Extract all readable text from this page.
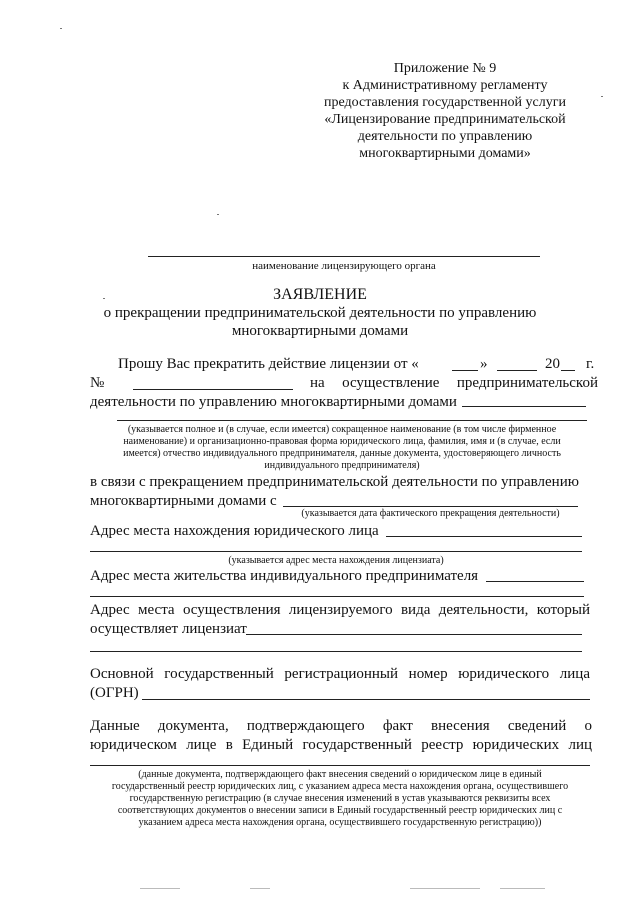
Приложение № 9
к Административному регламенту
предоставления государственной услуги
«Лицензирование предпринимательской
деятельности по управлению
многоквартирными домами»
наименование лицензирующего органа
ЗАЯВЛЕНИЕ
о прекращении предпринимательской деятельности по управлению
многоквартирными домами
Прошу Вас прекратить действие лицензии от «	»	20 г.
№	на осуществление предпринимательской
деятельности по управлению многоквартирными домами
(указывается полное и (в случае, если имеется) сокращенное наименование (в том числе фирменное
наименование) и организационно-правовая форма юридического лица, фамилия, имя и (в случае, если
имеется) отчество индивидуального предпринимателя, данные документа, удостоверяющего личность
индивидуального предпринимателя)
в связи с прекращением предпринимательской деятельности по управлению
многоквартирными домами с
(указывается дата фактического прекращения деятельности)
Адрес места нахождения юридического лица
(указывается адрес места нахождения лицензиата)
Адрес места жительства индивидуального предпринимателя
Адрес места осуществления лицензируемого вида деятельности, который
осуществляет лицензиат
Основной государственный регистрационный номер юридического лица
(ОГРН)
Данные документа, подтверждающего факт внесения сведений о
юридическом лице в Единый государственный реестр юридических лиц
(данные документа, подтверждающего факт внесения сведений о юридическом лице в единый
государственный реестр юридических лиц, с указанием адреса места нахождения органа, осуществившего
государственную регистрацию (в случае внесения изменений в устав указываются реквизиты всех
соответствующих документов о внесении записи в Единый государственный реестр юридических лиц с
указанием адреса места нахождения органа, осуществившего государственную регистрацию))
